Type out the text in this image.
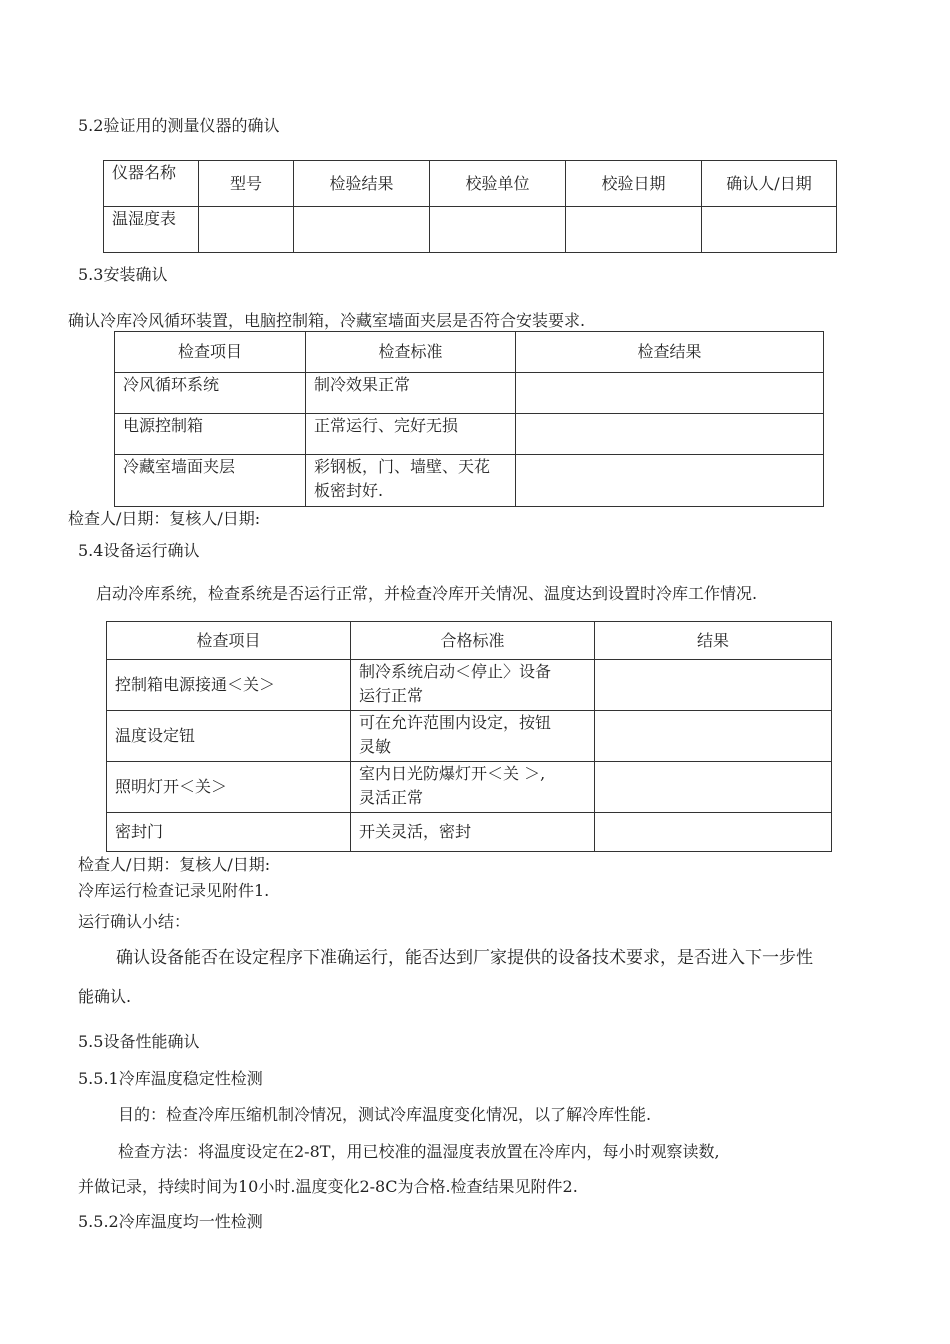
5.2验证用的测量仪器的确认
仪器名称	型号	检验结果	校验单位	校验日期	确认人/日期
温湿度表					
5.3安装确认
确认冷库冷风循环装置，电脑控制箱，冷藏室墙面夹层是否符合安装要求.
检查项目	检查标准	检查结果
冷风循环系统	制冷效果正常	
电源控制箱	正常运行、完好无损	
冷藏室墙面夹层	彩钢板，门、墙壁、天花
板密封好.	

检查人/日期：复核人/日期:
5.4设备运行确认
启动冷库系统，检查系统是否运行正常，并检查冷库开关情况、温度达到设置时冷库工作情况.
检查项目	合格标准	结果
控制箱电源接通＜关＞	制冷系统启动＜停止〉设备
运行正常	

温度设定钮	可在允许范围内设定，按钮
灵敏	

照明灯开＜关＞	室内日光防爆灯开＜关 ＞,
灵活正常	

密封门	开关灵活，密封	
检查人/日期：复核人/日期:
冷库运行检查记录见附件1.
运行确认小结：
确认设备能否在设定程序下准确运行，能否达到厂家提供的设备技术要求，是否进入下一步性
能确认.
5.5设备性能确认
5.5.1冷库温度稳定性检测
目的：检查冷库压缩机制冷情况，测试冷库温度变化情况，以了解冷库性能.
检查方法：将温度设定在2-8T，用已校准的温湿度表放置在冷库内，每小时观察读数,
并做记录，持续时间为10小时.温度变化2-8C为合格.检查结果见附件2.
5.5.2冷库温度均一性检测
